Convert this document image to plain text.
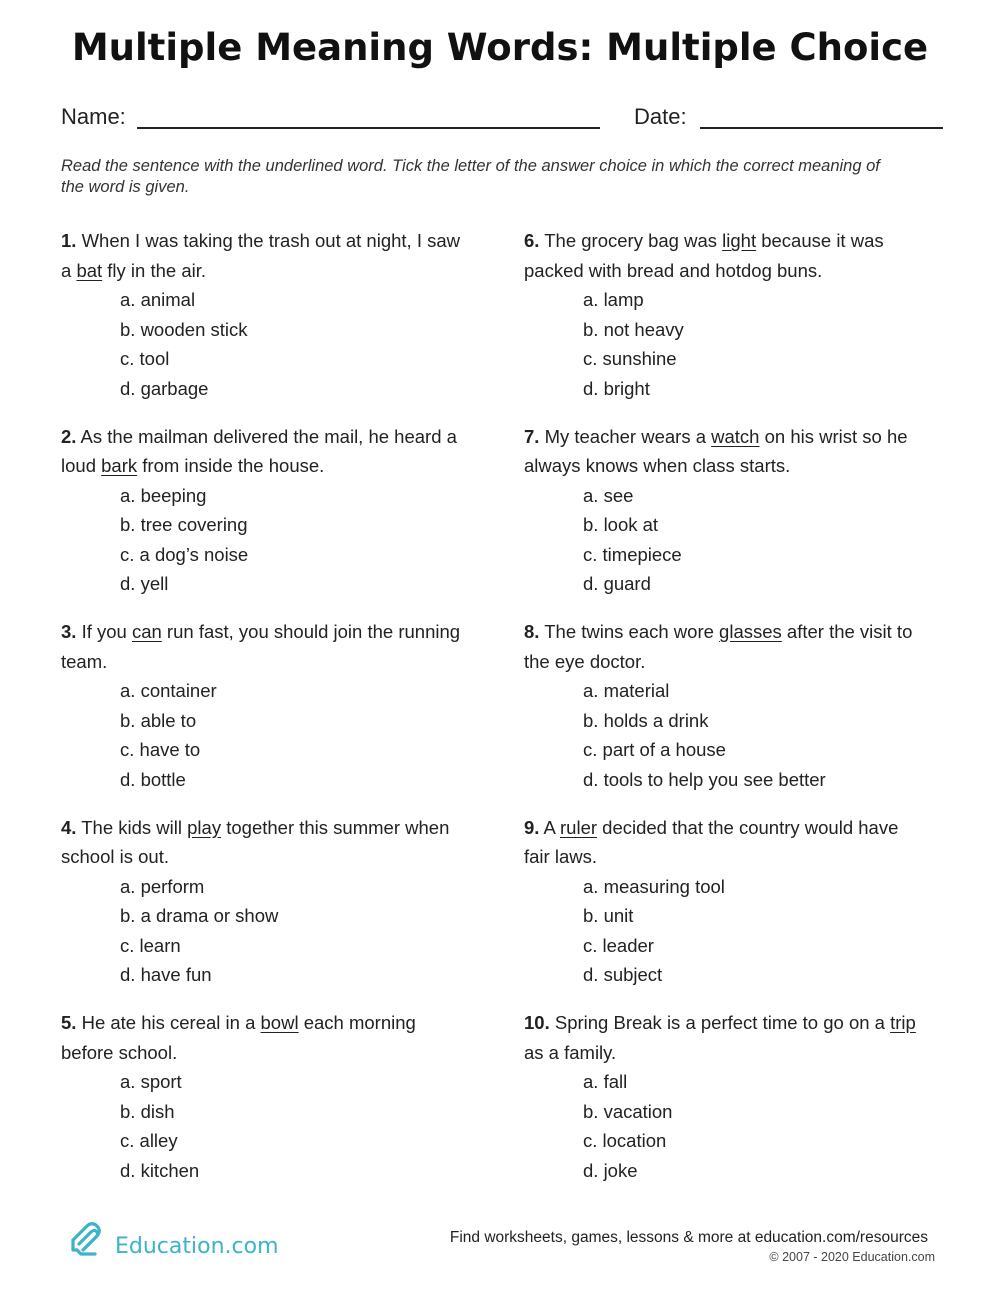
Multiple Meaning Words: Multiple Choice
Name:	Date:
Read the sentence with the underlined word. Tick the letter of the answer choice in which the correct meaning of the word is given.
1. When I was taking the trash out at night, I saw a bat fly in the air.
a. animal
b. wooden stick
c. tool
d. garbage
2. As the mailman delivered the mail, he heard a loud bark from inside the house.
a. beeping
b. tree covering
c. a dog’s noise
d. yell
3. If you can run fast, you should join the running team.
a. container
b. able to
c. have to
d. bottle
4. The kids will play together this summer when school is out.
a. perform
b. a drama or show
c. learn
d. have fun
5. He ate his cereal in a bowl each morning before school.
a. sport
b. dish
c. alley
d. kitchen
6. The grocery bag was light because it was packed with bread and hotdog buns.
a. lamp
b. not heavy
c. sunshine
d. bright
7. My teacher wears a watch on his wrist so he always knows when class starts.
a. see
b. look at
c. timepiece
d. guard
8. The twins each wore glasses after the visit to the eye doctor.
a. material
b. holds a drink
c. part of a house
d. tools to help you see better
9. A ruler decided that the country would have fair laws.
a. measuring tool
b. unit
c. leader
d. subject
10. Spring Break is a perfect time to go on a trip as a family.
a. fall
b. vacation
c. location
d. joke
Education.com	Find worksheets, games, lessons & more at education.com/resources
© 2007 - 2020 Education.com
